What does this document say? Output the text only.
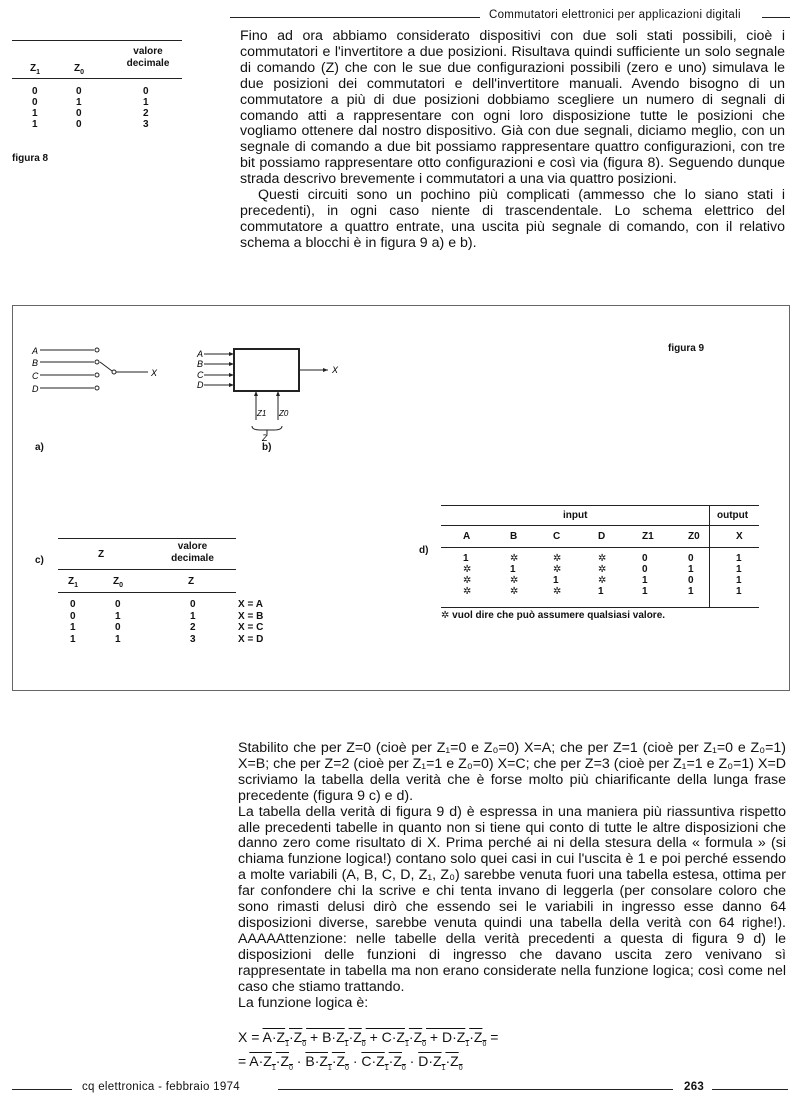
Commutatori elettronici per applicazioni digitali
valore decimale
$Z_1$	$Z_0$
0	0	0
0	1	1
1	0	2
1	0	3
figura 8

Fino ad ora abbiamo considerato dispositivi con due soli stati possibili, cioè i commutatori e l'invertitore a due posizioni. Risultava quindi sufficiente un solo segnale di comando (Z) che con le sue due configurazioni possibili (zero e uno) simulava le due posizioni dei commutatori e dell'invertitore manuali. Avendo bisogno di un commutatore a più di due posizioni dobbiamo scegliere un numero di segnali di comando atti a rappresentare con ogni loro disposizione tutte le posizioni che vogliamo ottenere dal nostro dispositivo. Già con due segnali, diciamo meglio, con un segnale di comando a due bit possiamo rappresentare quattro configurazioni, con tre bit possiamo rappresentare otto configurazioni e così via (figura 8). Seguendo dunque strada descrivo brevemente i commutatori a una via quattro posizioni.

Questi circuiti sono un pochino più complicati (ammesso che lo siano stati i precedenti), in ogni caso niente di trascendentale. Lo schema elettrico del commutatore a quattro entrate, una uscita più segnale di comando, con il relativo schema a blocchi è in figura 9 a) e b).

A
B
C
D
X
a)
A
B
C
D
X
Z1 Z0
Z
b)
figura 9
c)
Z
valore decimale
$Z_1$	$Z_0$	Z
0	0	0	X = A
0	1	1	X = B
1	0	2	X = C
1	1	3	X = D
d)
input	output
A	B	C	D	Z1	Z0	X
1	✲	✲	✲	0	0	1
✲	1	✲	✲	0	1	1
✲	✲	1	✲	1	0	1
✲	✲	✲	1	1	1	1
✲ vuol dire che può assumere qualsiasi valore.

Stabilito che per Z=0 (cioè per Z₁=0 e Z₀=0) X=A; che per Z=1 (cioè per Z₁=0 e Z₀=1) X=B; che per Z=2 (cioè per Z₁=1 e Z₀=0) X=C; che per Z=3 (cioè per Z₁=1 e Z₀=1) X=D scriviamo la tabella della verità che è forse molto più chiarificante della lunga frase precedente (figura 9 c) e d).

La tabella della verità di figura 9 d) è espressa in una maniera più riassuntiva rispetto alle precedenti tabelle in quanto non si tiene qui conto di tutte le altre disposizioni che danno zero come risultato di X. Prima perché ai ni della stesura della « formula » (si chiama funzione logica!) contano solo quei casi in cui l'uscita è 1 e poi perché essendo a molte variabili (A, B, C, D, Z₁, Z₀) sarebbe venuta fuori una tabella estesa, ottima per far confondere chi la scrive e chi tenta invano di leggerla (per consolare coloro che sono rimasti delusi dirò che essendo sei le variabili in ingresso esse danno 64 disposizioni diverse, sarebbe venuta quindi una tabella della verità con 64 righe!). AAAAAttenzione: nelle tabelle della verità precedenti a questa di figura 9 d) le disposizioni delle funzioni di ingresso che davano uscita zero venivano sì rappresentate in tabella ma non erano considerate nella funzione logica; così come nel caso che stiamo trattando.

La funzione logica è:

$X = A\cdot Z_1\cdot Z_0 + B\cdot Z_1\cdot Z_0 + C\cdot Z_1\cdot Z_0 + D\cdot Z_1\cdot Z_0$ =
= $A\cdot Z_1\cdot Z_0 \cdot B\cdot Z_1\cdot Z_0 \cdot C\cdot Z_1\cdot Z_0 \cdot D\cdot Z_1\cdot Z_0$
cq elettronica - febbraio 1974	263
